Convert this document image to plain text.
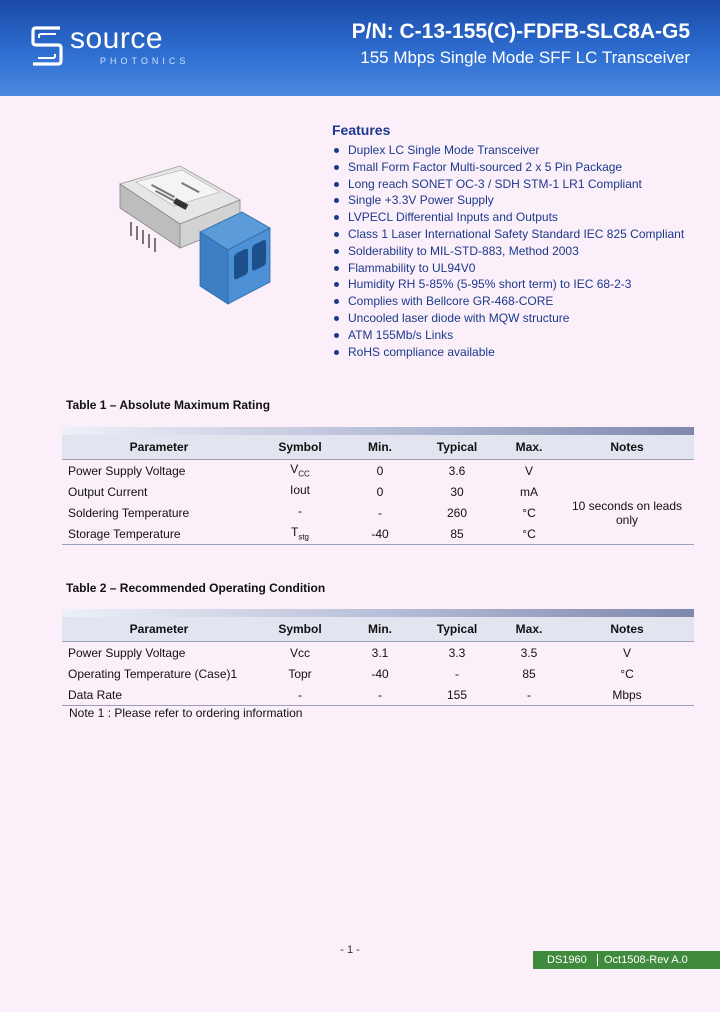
source
PHOTONICS
P/N: C-13-155(C)-FDFB-SLC8A-G5
155 Mbps Single Mode SFF LC Transceiver
Features
Duplex LC Single Mode Transceiver
Small Form Factor Multi-sourced 2 x 5 Pin Package
Long reach SONET OC-3 / SDH STM-1 LR1 Compliant
Single +3.3V Power Supply
LVPECL Differential Inputs and Outputs
Class 1 Laser International Safety Standard IEC 825 Compliant
Solderability to MIL-STD-883, Method 2003
Flammability to UL94V0
Humidity RH 5-85% (5-95% short term) to IEC 68-2-3
Complies with Bellcore GR-468-CORE
Uncooled laser diode with MQW structure
ATM 155Mb/s Links
RoHS compliance available
Table 1 – Absolute Maximum Rating
Parameter	Symbol	Min.	Typical	Max.	Notes
Power Supply Voltage	$V_{CC}$	0	3.6	V
Output Current	Iout	0	30	mA
Soldering Temperature	-	-	260	°C	10 seconds on leads only
Storage Temperature	$T_{stg}$	-40	85	°C
Table 2 – Recommended Operating Condition
Parameter	Symbol	Min.	Typical	Max.	Notes
Power Supply Voltage	Vcc	3.1	3.3	3.5	V
Operating Temperature (Case)1	Topr	-40	-	85	°C
Data Rate	-	-	155	-	Mbps
Note 1 : Please refer to ordering information
- 1 -
DS1960	Oct1508-Rev A.0
